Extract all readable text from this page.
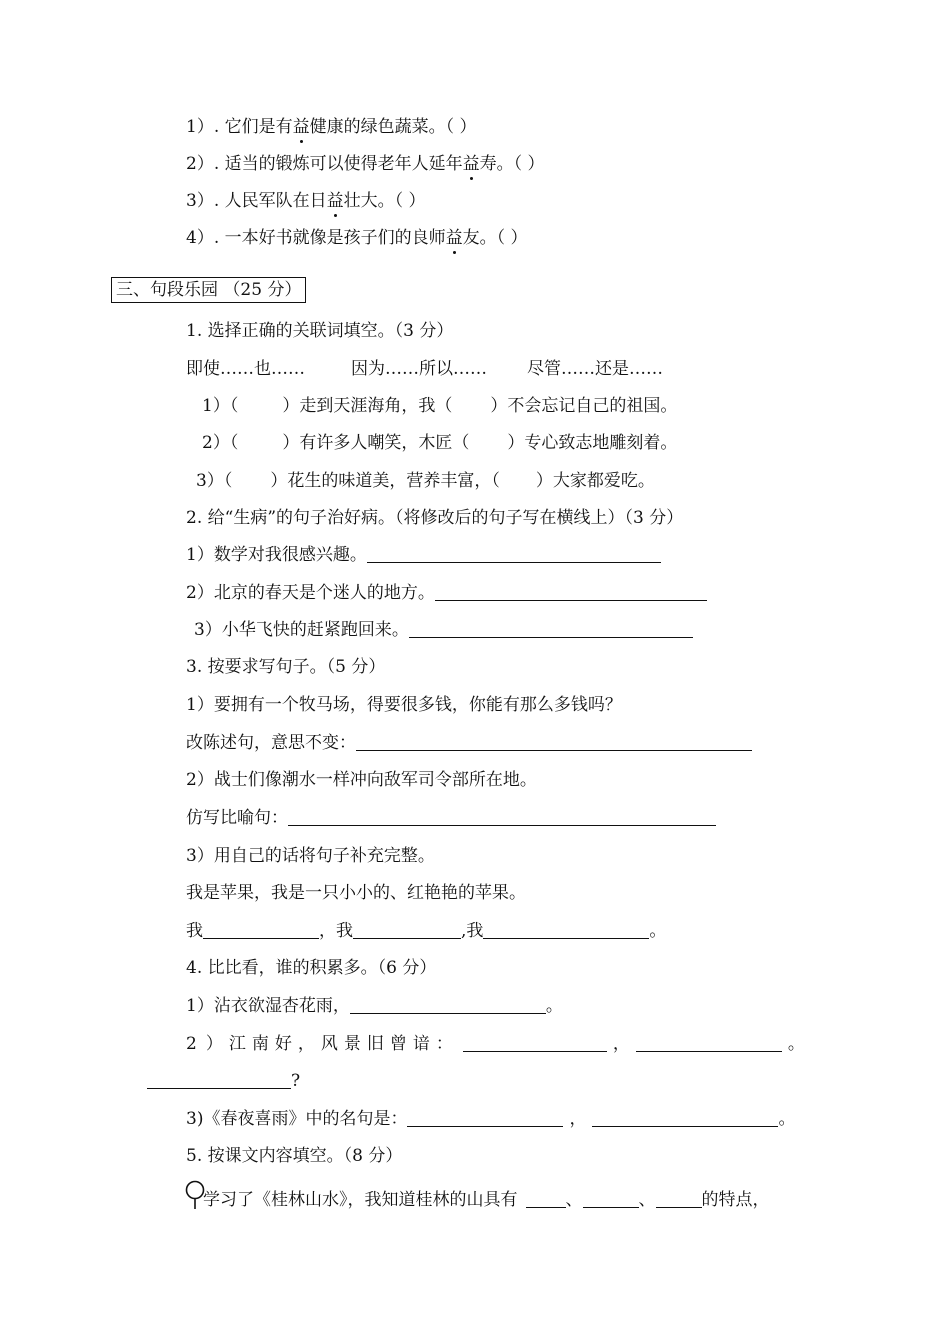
1）. 它们是有益健康的绿色蔬菜。（ ）
2）. 适当的锻炼可以使得老年人延年益寿。（ ）
3）. 人民军队在日益壮大。（ ）
4）. 一本好书就像是孩子们的良师益友。（ ）
三、句段乐园 （25 分）
1. 选择正确的关联词填空。（3 分）
即使……也……	因为……所以…… 尽管……还是……
1）（	）走到天涯海角，我（ ）不会忘记自己的祖国。
2）（	）有许多人嘲笑，木匠（ ）专心致志地雕刻着。
3）（ ）花生的味道美，营养丰富，（ ）大家都爱吃。
2. 给“生病”的句子治好病。（将修改后的句子写在横线上）（3 分）
1）数学对我很感兴趣。
2）北京的春天是个迷人的地方。
3）小华飞快的赶紧跑回来。
3. 按要求写句子。（5 分）
1）要拥有一个牧马场，得要很多钱，你能有那么多钱吗？
改陈述句，意思不变：
2）战士们像潮水一样冲向敌军司令部所在地。
仿写比喻句：
3）用自己的话将句子补充完整。
我是苹果，我是一只小小的、红艳艳的苹果。
我	，我	,我	。
4. 比比看，谁的积累多。（6 分）
1）沾衣欲湿杏花雨，	。
2 ） 江 南 好 ， 风 景 旧 曾 谙 ：	，	。
?
3)《春夜喜雨》中的名句是：	，	。
5. 按课文内容填空。（8 分）
学习了《桂林山水》，我知道桂林的山具有	、	、	的特点，
